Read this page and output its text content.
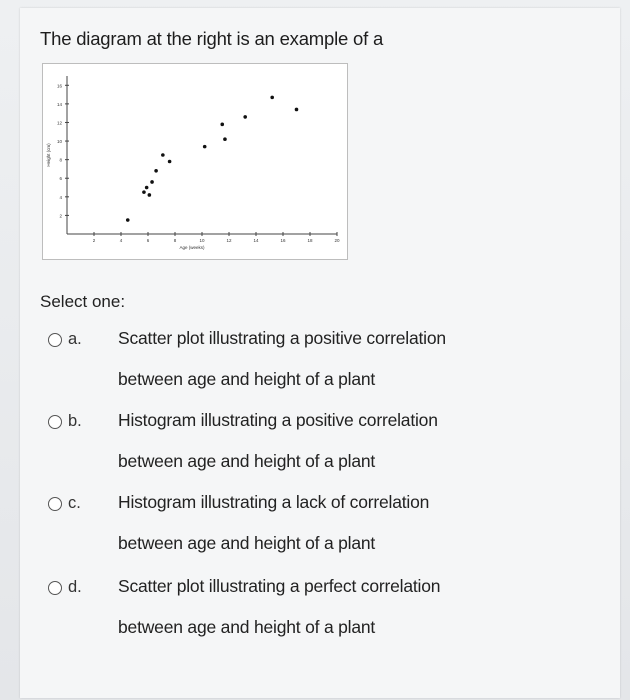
The diagram at the right is an example of a
2
4
6
8
10
12
14
16
2	4	6	8	10	12	14	16	18	20
Age (weeks)
Height (cm)
Select one:
a. Scatter plot illustrating a positive correlation
between age and height of a plant
b. Histogram illustrating a positive correlation
between age and height of a plant
c. Histogram illustrating a lack of correlation
between age and height of a plant
d. Scatter plot illustrating a perfect correlation
between age and height of a plant
